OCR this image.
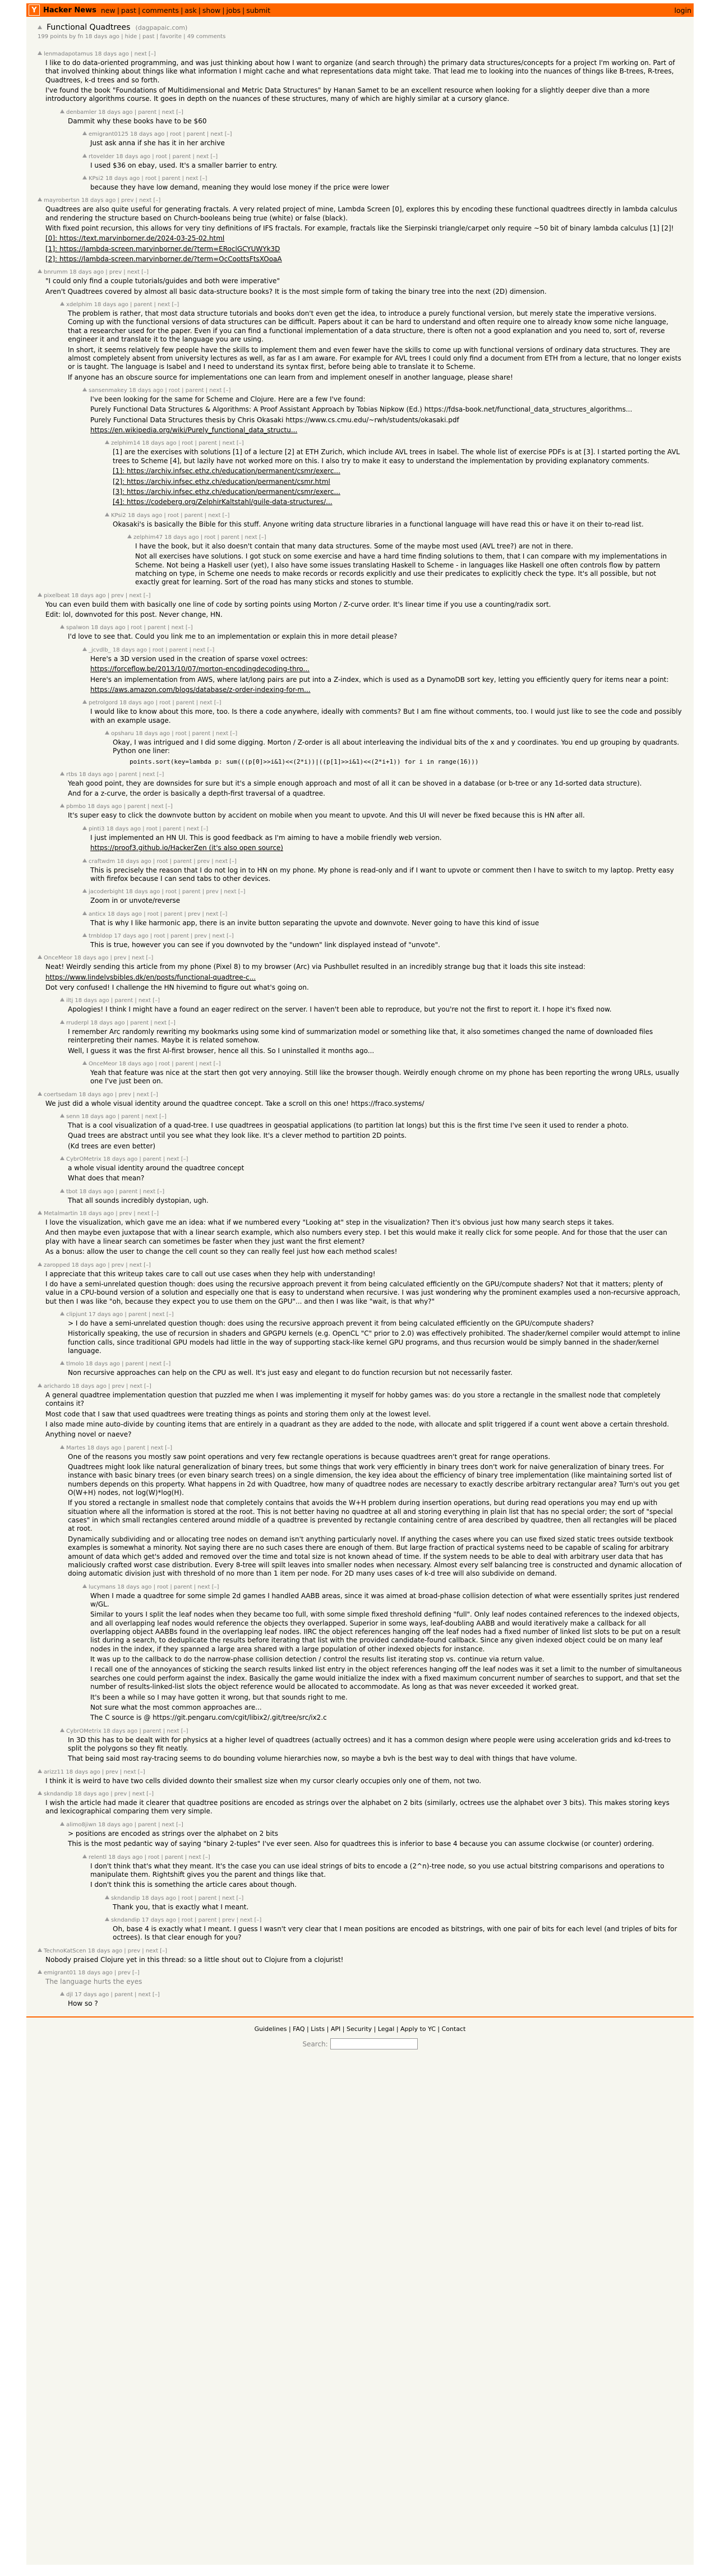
Y Hacker News new | past | comments | ask | show | jobs | submit	login
Functional Quadtrees (dagpapaic.com)
199 points by fn 18 days ago | hide | past | favorite | 49 comments
lenmadapotamus 18 days ago | next [–]

I like to do data-oriented programming, and was just thinking about how I want to organize (and search through) the primary data structures/concepts for a project I'm working on. Part of that involved thinking about things like what information I might cache and what representations data might take. That lead me to looking into the nuances of things like B-trees, R-trees, Quadtrees, k-d trees and so forth.

I've found the book "Foundations of Multidimensional and Metric Data Structures" by Hanan Samet to be an excellent resource when looking for a slightly deeper dive than a more introductory algorithms course. It goes in depth on the nuances of these structures, many of which are highly similar at a cursory glance.

denbamler 18 days ago | parent | next [–]

Dammit why these books have to be $60

emigrant0125 18 days ago | root | parent | next [–]

Just ask anna if she has it in her archive

rtovelder 18 days ago | root | parent | next [–]

I used $36 on ebay, used. It's a smaller barrier to entry.

KPsi2 18 days ago | root | parent | next [–]

because they have low demand, meaning they would lose money if the price were lower

mayrobertsn 18 days ago | prev | next [–]

Quadtrees are also quite useful for generating fractals. A very related project of mine, Lambda Screen [0], explores this by encoding these functional quadtrees directly in lambda calculus and rendering the structure based on Church-booleans being true (white) or false (black).

With fixed point recursion, this allows for very tiny definitions of IFS fractals. For example, fractals like the Sierpinski triangle/carpet only require ~50 bit of binary lambda calculus [1] [2]!

[0]: https://text.marvinborner.de/2024-03-25-02.html

[1]: https://lambda-screen.marvinborner.de/?term=ERoclGCYUWYk3D

[2]: https://lambda-screen.marvinborner.de/?term=OcCoottsFtsXOoaA

bnrumm 18 days ago | prev | next [–]

"I could only find a couple tutorials/guides and both were imperative"

Aren't Quadtrees covered by almost all basic data-structure books? It is the most simple form of taking the binary tree into the next (2D) dimension.

xdelphim 18 days ago | parent | next [–]

The problem is rather, that most data structure tutorials and books don't even get the idea, to introduce a purely functional version, but merely state the imperative versions. Coming up with the functional versions of data structures can be difficult. Papers about it can be hard to understand and often require one to already know some niche language, that a researcher used for the paper. Even if you can find a functional implementation of a data structure, there is often not a good explanation and you need to, sort of, reverse engineer it and translate it to the language you are using.

In short, it seems relatively few people have the skills to implement them and even fewer have the skills to come up with functional versions of ordinary data structures. They are almost completely absent from university lectures as well, as far as I am aware. For example for AVL trees I could only find a document from ETH from a lecture, that no longer exists or is taught. The language is Isabel and I need to understand its syntax first, before being able to translate it to Scheme.

If anyone has an obscure source for implementations one can learn from and implement oneself in another language, please share!

sansenmakey 18 days ago | root | parent | next [–]

I've been looking for the same for Scheme and Clojure. Here are a few I've found:

Purely Functional Data Structures & Algorithms: A Proof Assistant Approach by Tobias Nipkow (Ed.) https://fdsa-book.net/functional_data_structures_algorithms...

Purely Functional Data Structures thesis by Chris Okasaki https://www.cs.cmu.edu/~rwh/students/okasaki.pdf

https://en.wikipedia.org/wiki/Purely_functional_data_structu...

zelphim14 18 days ago | root | parent | next [–]

[1] are the exercises with solutions [1] of a lecture [2] at ETH Zurich, which include AVL trees in Isabel. The whole list of exercise PDFs is at [3]. I started porting the AVL trees to Scheme [4], but lazily have not worked more on this. I also try to make it easy to understand the implementation by providing explanatory comments.

[1]: https://archiv.infsec.ethz.ch/education/permanent/csmr/exerc...

[2]: https://archiv.infsec.ethz.ch/education/permanent/csmr.html

[3]: https://archiv.infsec.ethz.ch/education/permanent/csmr/exerc...

[4]: https://codeberg.org/ZelphirKaltstahl/guile-data-structures/...

KPsi2 18 days ago | root | parent | next [–]

Okasaki's is basically the Bible for this stuff. Anyone writing data structure libraries in a functional language will have read this or have it on their to-read list.

zelphim47 18 days ago | root | parent | next [–]

I have the book, but it also doesn't contain that many data structures. Some of the maybe most used (AVL tree?) are not in there.

Not all exercises have solutions. I got stuck on some exercise and have a hard time finding solutions to them, that I can compare with my implementations in Scheme. Not being a Haskell user (yet), I also have some issues translating Haskell to Scheme - in languages like Haskell one often controls flow by pattern matching on type, in Scheme one needs to make records or records explicitly and use their predicates to explicitly check the type. It's all possible, but not exactly great for learning. Sort of the road has many sticks and stones to stumble.

pixelbeat 18 days ago | prev | next [–]

You can even build them with basically one line of code by sorting points using Morton / Z-curve order. It's linear time if you use a counting/radix sort.

Edit: lol, downvoted for this post. Never change, HN.

spalwon 18 days ago | root | parent | next [–]

I'd love to see that. Could you link me to an implementation or explain this in more detail please?

_jcvdlb_ 18 days ago | root | parent | next [–]

Here's a 3D version used in the creation of sparse voxel octrees:

https://forceflow.be/2013/10/07/morton-encodingdecoding-thro...

Here's an implementation from AWS, where lat/long pairs are put into a Z-index, which is used as a DynamoDB sort key, letting you efficiently query for items near a point:

https://aws.amazon.com/blogs/database/z-order-indexing-for-m...

petrolgord 18 days ago | root | parent | next [–]

I would like to know about this more, too. Is there a code anywhere, ideally with comments? But I am fine without comments, too. I would just like to see the code and possibly with an example usage.

opsharu 18 days ago | root | parent | next [–]

Okay, I was intrigued and I did some digging. Morton / Z-order is all about interleaving the individual bits of the x and y coordinates. You end up grouping by quadrants. Python one liner:

points.sort(key=lambda p: sum(((p[0]>>i&1)<<(2*i))|((p[1]>>i&1)<<(2*i+1)) for i in range(16)))
rtbs 18 days ago | parent | next [–]

Yeah good point, they are downsides for sure but it's a simple enough approach and most of all it can be shoved in a database (or b-tree or any 1d-sorted data structure).

And for a z-curve, the order is basically a depth-first traversal of a quadtree.

pbmbo 18 days ago | parent | next [–]

It's super easy to click the downvote button by accident on mobile when you meant to upvote. And this UI will never be fixed because this is HN after all.

pinti3 18 days ago | root | parent | next [–]

I just implemented an HN UI. This is good feedback as I'm aiming to have a mobile friendly web version.

https://proof3.github.io/HackerZen (it's also open source)

craftwdm 18 days ago | root | parent | prev | next [–]

This is precisely the reason that I do not log in to HN on my phone. My phone is read-only and if I want to upvote or comment then I have to switch to my laptop. Pretty easy with firefox because I can send tabs to other devices.

jacoderbight 18 days ago | root | parent | prev | next [–]

Zoom in or unvote/reverse

anticx 18 days ago | root | parent | prev | next [–]

That is why I like harmonic app, there is an invite button separating the upvote and downvote. Never going to have this kind of issue

trnbldop 17 days ago | root | parent | prev | next [–]

This is true, however you can see if you downvoted by the "undown" link displayed instead of "unvote".

OnceMeor 18 days ago | prev | next [–]

Neat! Weirdly sending this article from my phone (Pixel 8) to my browser (Arc) via Pushbullet resulted in an incredibly strange bug that it loads this site instead:

https://www.lindelvsbibles.dk/en/posts/functional-quadtree-c...

Dot very confused! I challenge the HN hivemind to figure out what's going on.

iltj 18 days ago | parent | next [–]

Apologies! I think I might have a found an eager redirect on the server. I haven't been able to reproduce, but you're not the first to report it. I hope it's fixed now.

rruderpl 18 days ago | parent | next [–]

I remember Arc randomly rewriting my bookmarks using some kind of summarization model or something like that, it also sometimes changed the name of downloaded files reinterpreting their names. Maybe it is related somehow.

Well, I guess it was the first AI-first browser, hence all this. So I uninstalled it months ago...

OnceMeor 18 days ago | root | parent | next [–]

Yeah that feature was nice at the start then got very annoying. Still like the browser though. Weirdly enough chrome on my phone has been reporting the wrong URLs, usually one I've just been on.

coertsedam 18 days ago | prev | next [–]

We just did a whole visual identity around the quadtree concept. Take a scroll on this one! https://fraco.systems/

senn 18 days ago | parent | next [–]

That is a cool visualization of a quad-tree. I use quadtrees in geospatial applications (to partition lat longs) but this is the first time I've seen it used to render a photo.

Quad trees are abstract until you see what they look like. It's a clever method to partition 2D points.

(Kd trees are even better)

CybrOMetrix 18 days ago | parent | next [–]

a whole visual identity around the quadtree concept

What does that mean?

tbot 18 days ago | parent | next [–]

That all sounds incredibly dystopian, ugh.

Metalmartin 18 days ago | prev | next [–]

I love the visualization, which gave me an idea: what if we numbered every "Looking at" step in the visualization? Then it's obvious just how many search steps it takes.

And then maybe even juxtapose that with a linear search example, which also numbers every step. I bet this would make it really click for some people. And for those that the user can play with have a linear search can sometimes be faster when they just want the first element?

As a bonus: allow the user to change the cell count so they can really feel just how each method scales!

zaropped 18 days ago | prev | next [–]

I appreciate that this writeup takes care to call out use cases when they help with understanding!

I do have a semi-unrelated question though: does using the recursive approach prevent it from being calculated efficiently on the GPU/compute shaders? Not that it matters; plenty of value in a CPU-bound version of a solution and especially one that is easy to understand when recursive. I was just wondering why the prominent examples used a non-recursive approach, but then I was like "oh, because they expect you to use them on the GPU"... and then I was like "wait, is that why?"

clipjunt 17 days ago | parent | next [–]

> I do have a semi-unrelated question though: does using the recursive approach prevent it from being calculated efficiently on the GPU/compute shaders?

Historically speaking, the use of recursion in shaders and GPGPU kernels (e.g. OpenCL "C" prior to 2.0) was effectively prohibited. The shader/kernel compiler would attempt to inline function calls, since traditional GPU models had little in the way of supporting stack-like kernel GPU programs, and thus recursion would be simply banned in the shader/kernel language.

tlmolo 18 days ago | parent | next [–]

Non recursive approaches can help on the CPU as well. It's just easy and elegant to do function recursion but not necessarily faster.

arichardo 18 days ago | prev | next [–]

A general quadtree implementation question that puzzled me when I was implementing it myself for hobby games was: do you store a rectangle in the smallest node that completely contains it?

Most code that I saw that used quadtrees were treating things as points and storing them only at the lowest level.

I also made mine auto-divide by counting items that are entirely in a quadrant as they are added to the node, with allocate and split triggered if a count went above a certain threshold.

Anything novel or naeve?

Martes 18 days ago | parent | next [–]

One of the reasons you mostly saw point operations and very few rectangle operations is because quadtrees aren't great for range operations.

Quadtrees might look like natural generalization of binary trees, but some things that work very efficiently in binary trees don't work for naive generalization of binary trees. For instance with basic binary trees (or even binary search trees) on a single dimension, the key idea about the efficiency of binary tree implementation (like maintaining sorted list of numbers depends on this property. What happens in 2d with Quadtree, how many of quadtree nodes are necessary to exactly describe arbitrary rectangular area? Turn's out you get O(W+H) nodes, not log(W)*log(H).

If you stored a rectangle in smallest node that completely contains that avoids the W+H problem during insertion operations, but during read operations you may end up with situation where all the information is stored at the root. This is not better having no quadtree at all and storing everything in plain list that has no special order; the sort of "special cases" in which small rectangles centered around middle of a quadtree is prevented by rectangle containing centre of area described by quadtree, then all rectangles will be placed at root.

Dynamically subdividing and or allocating tree nodes on demand isn't anything particularly novel. If anything the cases where you can use fixed sized static trees outside textbook examples is somewhat a minority. Not saying there are no such cases there are enough of them. But large fraction of practical systems need to be capable of scaling for arbitrary amount of data which get's added and removed over the time and total size is not known ahead of time. If the system needs to be able to deal with arbitrary user data that has maliciously crafted worst case distribution. Every 8-tree will spilt leaves into smaller nodes when necessary. Almost every self balancing tree is constructed and dynamic allocation of doing automatic division just with threshold of no more than 1 item per node. For 2D many uses cases of k-d tree will also subdivide on demand.

lucymans 18 days ago | root | parent | next [–]

When I made a quadtree for some simple 2d games I handled AABB areas, since it was aimed at broad-phase collision detection of what were essentially sprites just rendered w/GL.

Similar to yours I split the leaf nodes when they became too full, with some simple fixed threshold defining "full". Only leaf nodes contained references to the indexed objects, and all overlapping leaf nodes would reference the objects they overlapped. Superior in some ways, leaf-doubling AABB and would iteratively make a callback for all overlapping object AABBs found in the overlapping leaf nodes. IIRC the object references hanging off the leaf nodes had a fixed number of linked list slots to be put on a result list during a search, to deduplicate the results before iterating that list with the provided candidate-found callback. Since any given indexed object could be on many leaf nodes in the index, if they spanned a large area shared with a large population of other indexed objects for instance.

It was up to the callback to do the narrow-phase collision detection / control the results list iterating stop vs. continue via return value.

I recall one of the annoyances of sticking the search results linked list entry in the object references hanging off the leaf nodes was it set a limit to the number of simultaneous searches one could perform against the index. Basically the game would initialize the index with a fixed maximum concurrent number of searches to support, and that set the number of results-linked-list slots the object reference would be allocated to accommodate. As long as that was never exceeded it worked great.

It's been a while so I may have gotten it wrong, but that sounds right to me.

Not sure what the most common approaches are...

The C source is @ https://git.pengaru.com/cgit/libix2/.git/tree/src/ix2.c

CybrOMetrix 18 days ago | parent | next [–]

In 3D this has to be dealt with for physics at a higher level of quadtrees (actually octrees) and it has a common design where people were using acceleration grids and kd-trees to split the polygons so they fit neatly.

That being said most ray-tracing seems to do bounding volume hierarchies now, so maybe a bvh is the best way to deal with things that have volume.

arizz11 18 days ago | prev | next [–]

I think it is weird to have two cells divided downto their smallest size when my cursor clearly occupies only one of them, not two.

skndandip 18 days ago | prev | next [–]

I wish the article had made it clearer that quadtree positions are encoded as strings over the alphabet on 2 bits (similarly, octrees use the alphabet over 3 bits). This makes storing keys and lexicographical comparing them very simple.

alimo8jiwn 18 days ago | parent | next [–]

> positions are encoded as strings over the alphabet on 2 bits

This is the most pedantic way of saying "binary 2-tuples" I've ever seen. Also for quadtrees this is inferior to base 4 because you can assume clockwise (or counter) ordering.

relentl 18 days ago | root | parent | next [–]

I don't think that's what they meant. It's the case you can use ideal strings of bits to encode a (2^n)-tree node, so you use actual bitstring comparisons and operations to manipulate them. Rightshift gives you the parent and things like that.

I don't think this is something the article cares about though.

skndandip 18 days ago | root | parent | next [–]

Thank you, that is exactly what I meant.

skndandip 17 days ago | root | parent | prev | next [–]

Oh, base 4 is exactly what I meant. I guess I wasn't very clear that I mean positions are encoded as bitstrings, with one pair of bits for each level (and triples of bits for octrees). Is that clear enough for you?

TechnoKatScen 18 days ago | prev | next [–]

Nobody praised Clojure yet in this thread: so a little shout out to Clojure from a clojurist!

emigrant01 18 days ago | prev [–]

The language hurts the eyes

djl 17 days ago | parent | next [–]

How so ?

Guidelines | FAQ | Lists | API | Security | Legal | Apply to YC | Contact
Search:
